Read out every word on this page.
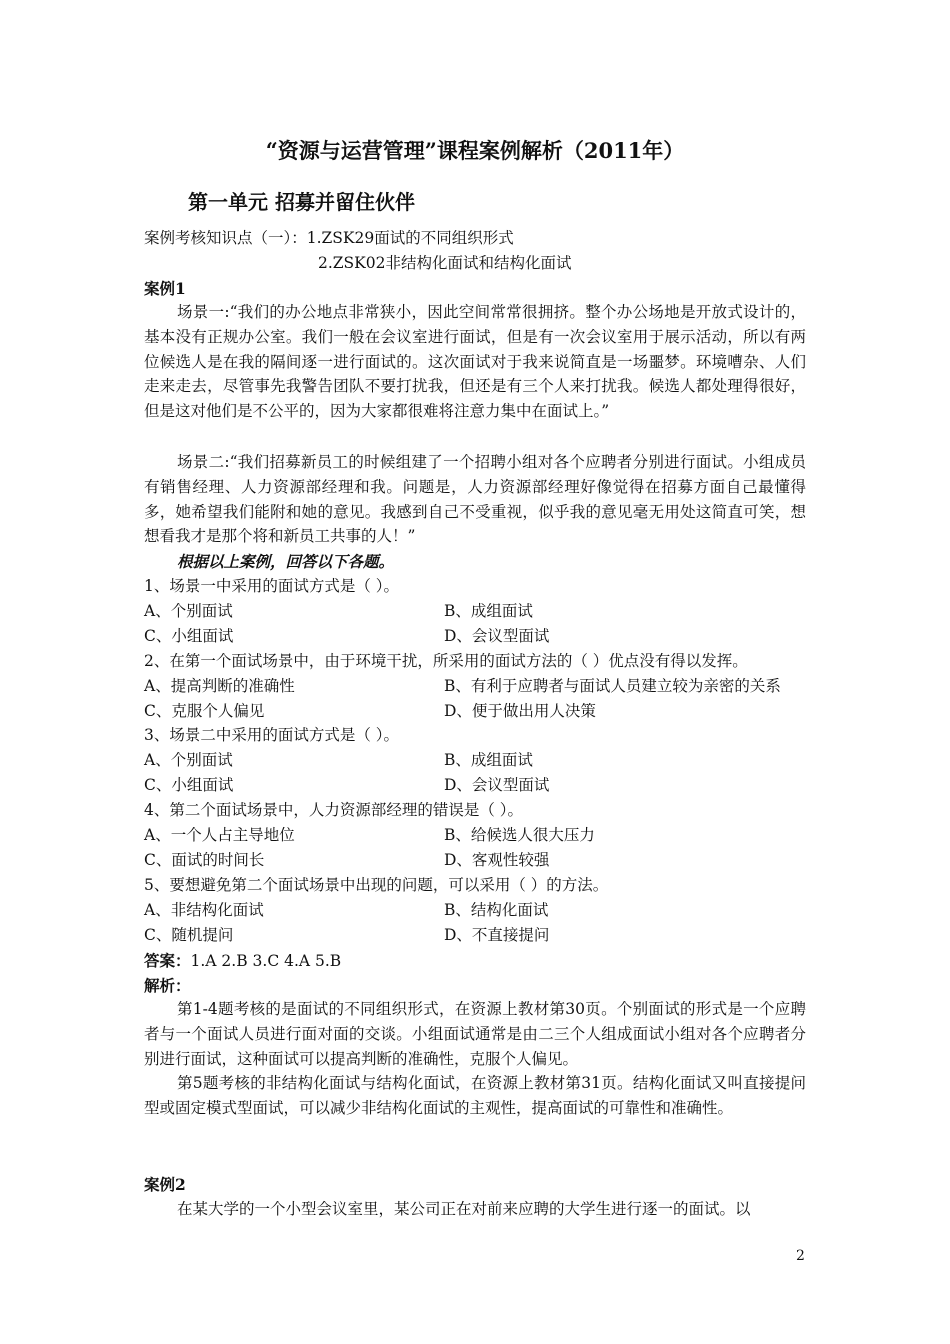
“资源与运营管理”课程案例解析（2011年）
第一单元 招募并留住伙伴
案例考核知识点（一）：1.ZSK29面试的不同组织形式
2.ZSK02非结构化面试和结构化面试
案例1
场景一:“我们的办公地点非常狭小，因此空间常常很拥挤。整个办公场地是开放式设计的，基本没有正规办公室。我们一般在会议室进行面试，但是有一次会议室用于展示活动，所以有两位候选人是在我的隔间逐一进行面试的。这次面试对于我来说简直是一场噩梦。环境嘈杂、人们走来走去，尽管事先我警告团队不要打扰我，但还是有三个人来打扰我。候选人都处理得很好，但是这对他们是不公平的，因为大家都很难将注意力集中在面试上。”
场景二:“我们招募新员工的时候组建了一个招聘小组对各个应聘者分别进行面试。小组成员有销售经理、人力资源部经理和我。问题是，人力资源部经理好像觉得在招募方面自己最懂得多，她希望我们能附和她的意见。我感到自己不受重视，似乎我的意见毫无用处这简直可笑，想想看我才是那个将和新员工共事的人！”
根据以上案例，回答以下各题。
1、场景一中采用的面试方式是（ ）。
A、个别面试	B、成组面试
C、小组面试	D、会议型面试
2、在第一个面试场景中，由于环境干扰，所采用的面试方法的（ ）优点没有得以发挥。
A、提高判断的准确性	B、有利于应聘者与面试人员建立较为亲密的关系
C、克服个人偏见	D、便于做出用人决策
3、场景二中采用的面试方式是（ ）。
A、个别面试	B、成组面试
C、小组面试	D、会议型面试
4、第二个面试场景中，人力资源部经理的错误是（ ）。
A、一个人占主导地位	B、给候选人很大压力
C、面试的时间长	D、客观性较强
5、要想避免第二个面试场景中出现的问题，可以采用（ ）的方法。
A、非结构化面试	B、结构化面试
C、随机提问	D、不直接提问
答案：1.A 2.B 3.C 4.A 5.B
解析：
第1-4题考核的是面试的不同组织形式，在资源上教材第30页。个别面试的形式是一个应聘者与一个面试人员进行面对面的交谈。小组面试通常是由二三个人组成面试小组对各个应聘者分别进行面试，这种面试可以提高判断的准确性，克服个人偏见。
第5题考核的非结构化面试与结构化面试，在资源上教材第31页。结构化面试又叫直接提问型或固定模式型面试，可以减少非结构化面试的主观性，提高面试的可靠性和准确性。
案例2
在某大学的一个小型会议室里，某公司正在对前来应聘的大学生进行逐一的面试。以
2
